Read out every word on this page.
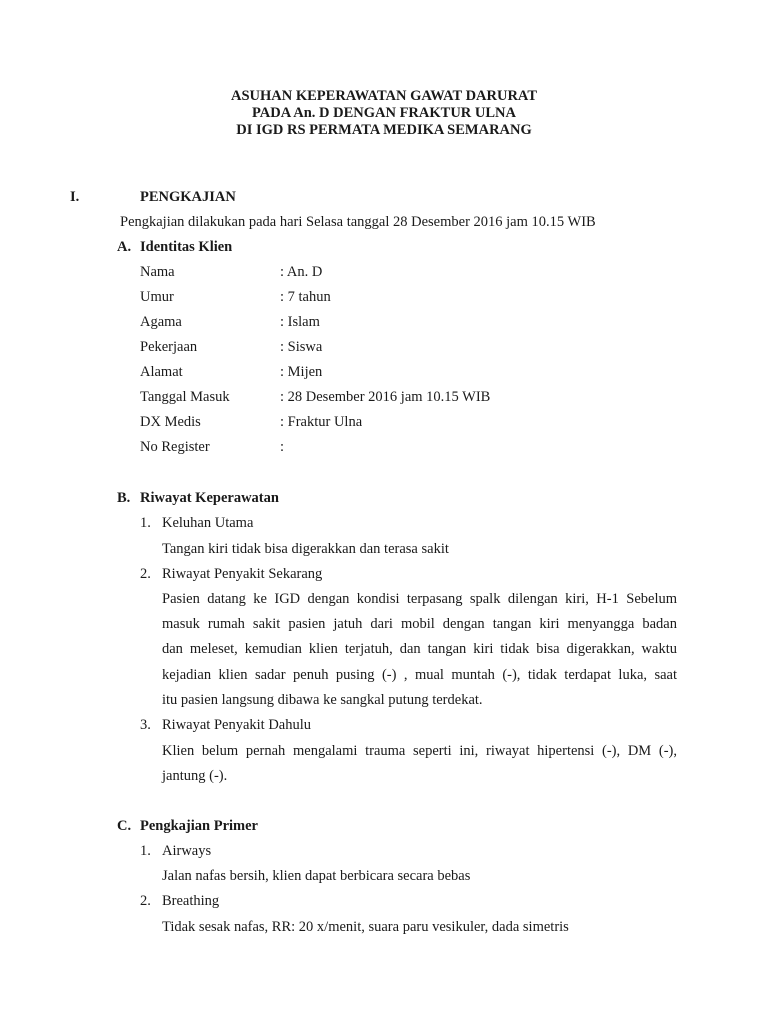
ASUHAN KEPERAWATAN GAWAT DARURAT
PADA An. D DENGAN FRAKTUR ULNA
DI IGD RS PERMATA MEDIKA SEMARANG
I.	PENGKAJIAN
Pengkajian dilakukan pada hari Selasa tanggal 28 Desember 2016 jam 10.15 WIB
A. Identitas Klien
Nama	: An. D
Umur	: 7 tahun
Agama	: Islam
Pekerjaan	: Siswa
Alamat	: Mijen
Tanggal Masuk	: 28 Desember 2016 jam 10.15 WIB
DX Medis	: Fraktur Ulna
No Register	:
B. Riwayat Keperawatan
1. Keluhan Utama
Tangan kiri tidak bisa digerakkan dan terasa sakit
2. Riwayat Penyakit Sekarang
Pasien datang ke IGD dengan kondisi terpasang spalk dilengan kiri, H-1 Sebelum
masuk rumah sakit pasien jatuh dari mobil dengan tangan kiri menyangga badan
dan meleset, kemudian klien terjatuh, dan tangan kiri tidak bisa digerakkan, waktu
kejadian klien sadar penuh pusing (-) , mual muntah (-), tidak terdapat luka, saat
itu pasien langsung dibawa ke sangkal putung terdekat.
3. Riwayat Penyakit Dahulu
Klien belum pernah mengalami trauma seperti ini, riwayat hipertensi (-), DM (-),
jantung (-).
C. Pengkajian Primer
1. Airways
Jalan nafas bersih, klien dapat berbicara secara bebas
2. Breathing
Tidak sesak nafas, RR: 20 x/menit, suara paru vesikuler, dada simetris
